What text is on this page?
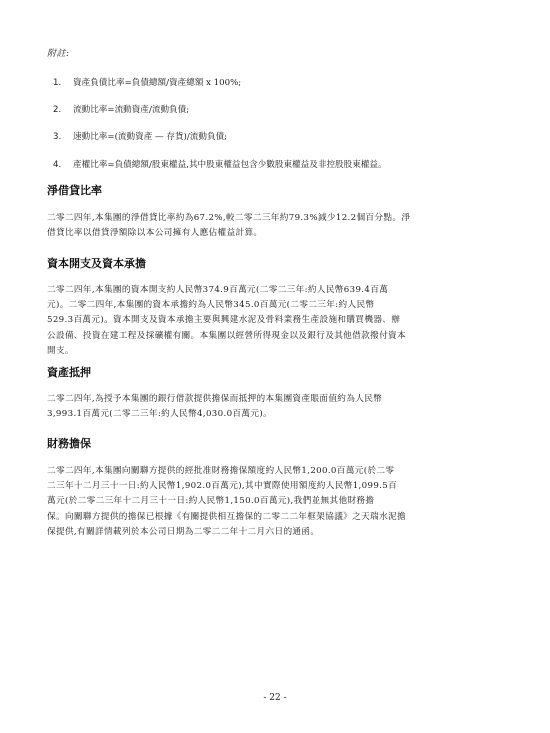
附註:
1. 資產負債比率=負債總額/資產總額 x 100%;
2. 流動比率=流動資產/流動負債;
3. 速動比率=(流動資產 — 存貨)/流動負債;
4. 產權比率=負債總額/股東權益,其中股東權益包含少數股東權益及非控股股東權益。
淨借貸比率
二零二四年,本集團的淨借貸比率約為67.2%,較二零二三年約79.3%減少12.2個百分點。淨
借貸比率以借貸淨額除以本公司擁有人應佔權益計算。
資本開支及資本承擔
二零二四年,本集團的資本開支約人民幣374.9百萬元(二零二三年:約人民幣639.4百萬
元)。二零二四年,本集團的資本承擔約為人民幣345.0百萬元(二零二三年:約人民幣
529.3百萬元)。資本開支及資本承擔主要與興建水泥及骨料業務生產設施和購買機器、辦
公設備、投資在建工程及採礦權有關。本集團以經營所得現金以及銀行及其他借款撥付資本
開支。
資產抵押
二零二四年,為授予本集團的銀行借款提供擔保而抵押的本集團資產賬面值約為人民幣
3,993.1百萬元(二零二三年:約人民幣4,030.0百萬元)。
財務擔保
二零二四年,本集團向關聯方提供的經批准財務擔保額度約人民幣1,200.0百萬元(於二零
二三年十二月三十一日:約人民幣1,902.0百萬元),其中實際使用額度約人民幣1,099.5百
萬元(於二零二三年十二月三十一日:約人民幣1,150.0百萬元),我們並無其他財務擔
保。向關聯方提供的擔保已根據《有關提供相互擔保的二零二二年框架協議》之天瑞水泥擔
保提供,有關詳情載列於本公司日期為二零二二年十二月六日的通函。
- 22 -
